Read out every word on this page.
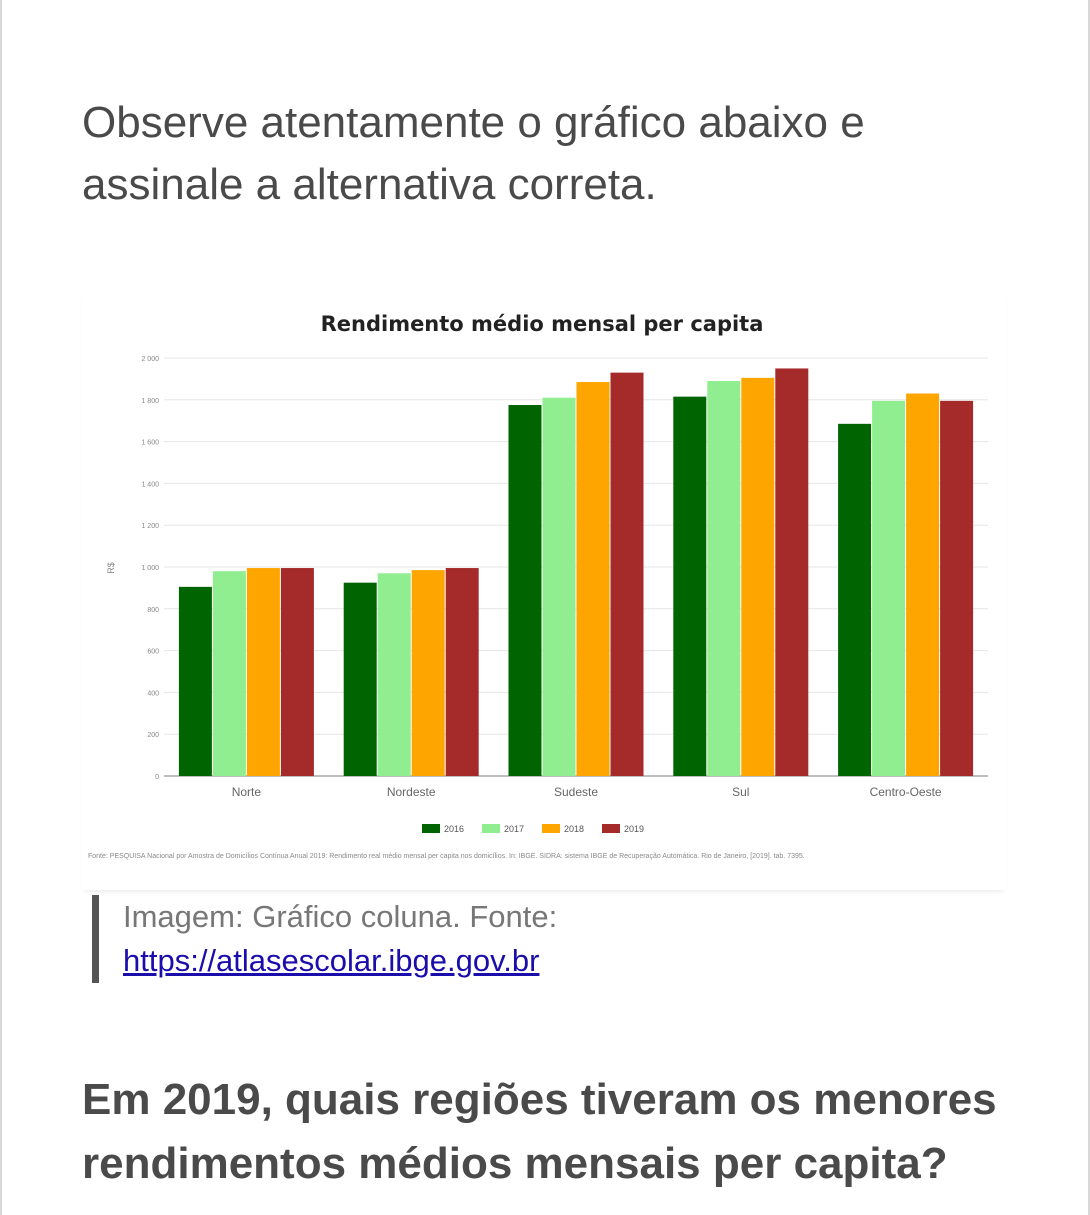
Observe atentamente o gráfico abaixo e assinale a alternativa correta.

Rendimento médio mensal per capita
0
200
400
600
800
1 000
1 200
1 400
1 600
1 800
2 000
R$
Norte	Nordeste	Sudeste	Sul	Centro-Oeste
2016	2017	2018	2019
Fonte: PESQUISA Nacional por Amostra de Domicílios Contínua Anual 2019: Rendimento real médio mensal per capita nos domicílios. In: IBGE. SIDRA: sistema IBGE de Recuperação Automática. Rio de Janeiro, [2019]. tab. 7395.
Imagem: Gráfico coluna. Fonte:
https://atlasescolar.ibge.gov.br

Em 2019, quais regiões tiveram os menores rendimentos médios mensais per capita?
